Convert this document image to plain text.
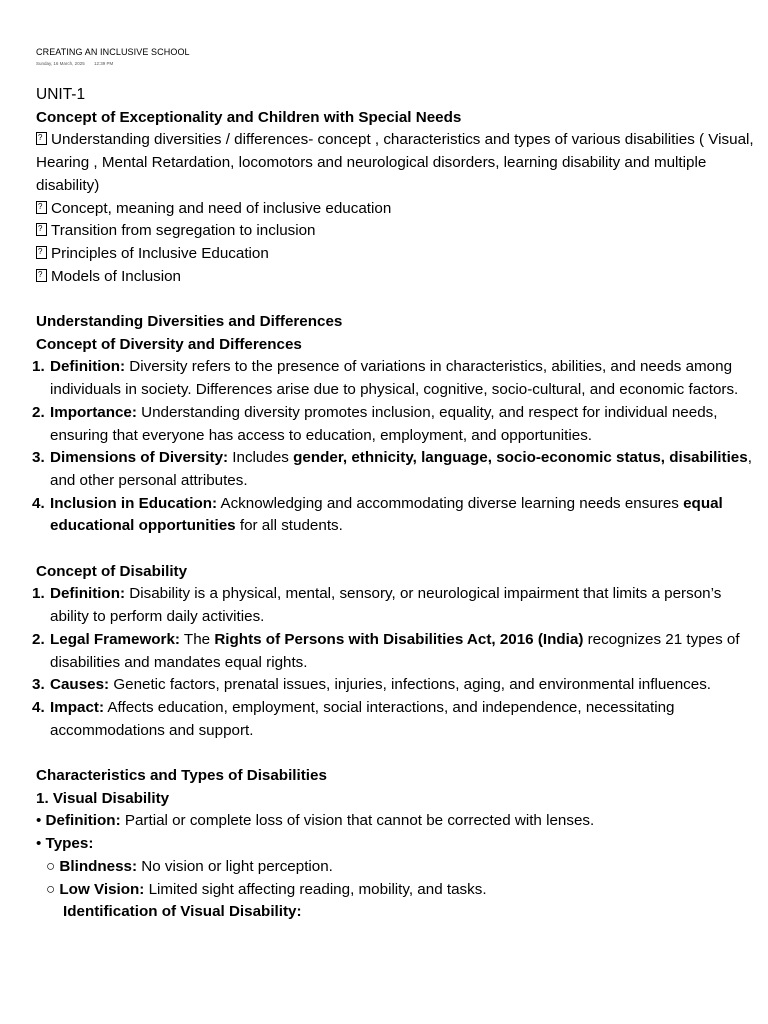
CREATING AN INCLUSIVE SCHOOL
Sunday, 16 March, 2025 12:39 PM
UNIT-1
Concept of Exceptionality and Children with Special Needs
?Understanding diversities / differences- concept , characteristics and types of various disabilities ( Visual, Hearing , Mental Retardation, locomotors and neurological disorders, learning disability and multiple disability)
?Concept, meaning and need of inclusive education
?Transition from segregation to inclusion
?Principles of Inclusive Education
?Models of Inclusion
Understanding Diversities and Differences
Concept of Diversity and Differences
1. Definition: Diversity refers to the presence of variations in characteristics, abilities, and needs among individuals in society. Differences arise due to physical, cognitive, socio-cultural, and economic factors.
2. Importance: Understanding diversity promotes inclusion, equality, and respect for individual needs, ensuring that everyone has access to education, employment, and opportunities.
3. Dimensions of Diversity: Includes gender, ethnicity, language, socio-economic status, disabilities, and other personal attributes.
4. Inclusion in Education: Acknowledging and accommodating diverse learning needs ensures equal educational opportunities for all students.
Concept of Disability
1. Definition: Disability is a physical, mental, sensory, or neurological impairment that limits a person’s ability to perform daily activities.
2. Legal Framework: The Rights of Persons with Disabilities Act, 2016 (India) recognizes 21 types of disabilities and mandates equal rights.
3. Causes: Genetic factors, prenatal issues, injuries, infections, aging, and environmental influences.
4. Impact: Affects education, employment, social interactions, and independence, necessitating accommodations and support.
Characteristics and Types of Disabilities
1. Visual Disability
• Definition: Partial or complete loss of vision that cannot be corrected with lenses.
• Types:
○ Blindness: No vision or light perception.
○ Low Vision: Limited sight affecting reading, mobility, and tasks.
Identification of Visual Disability:
